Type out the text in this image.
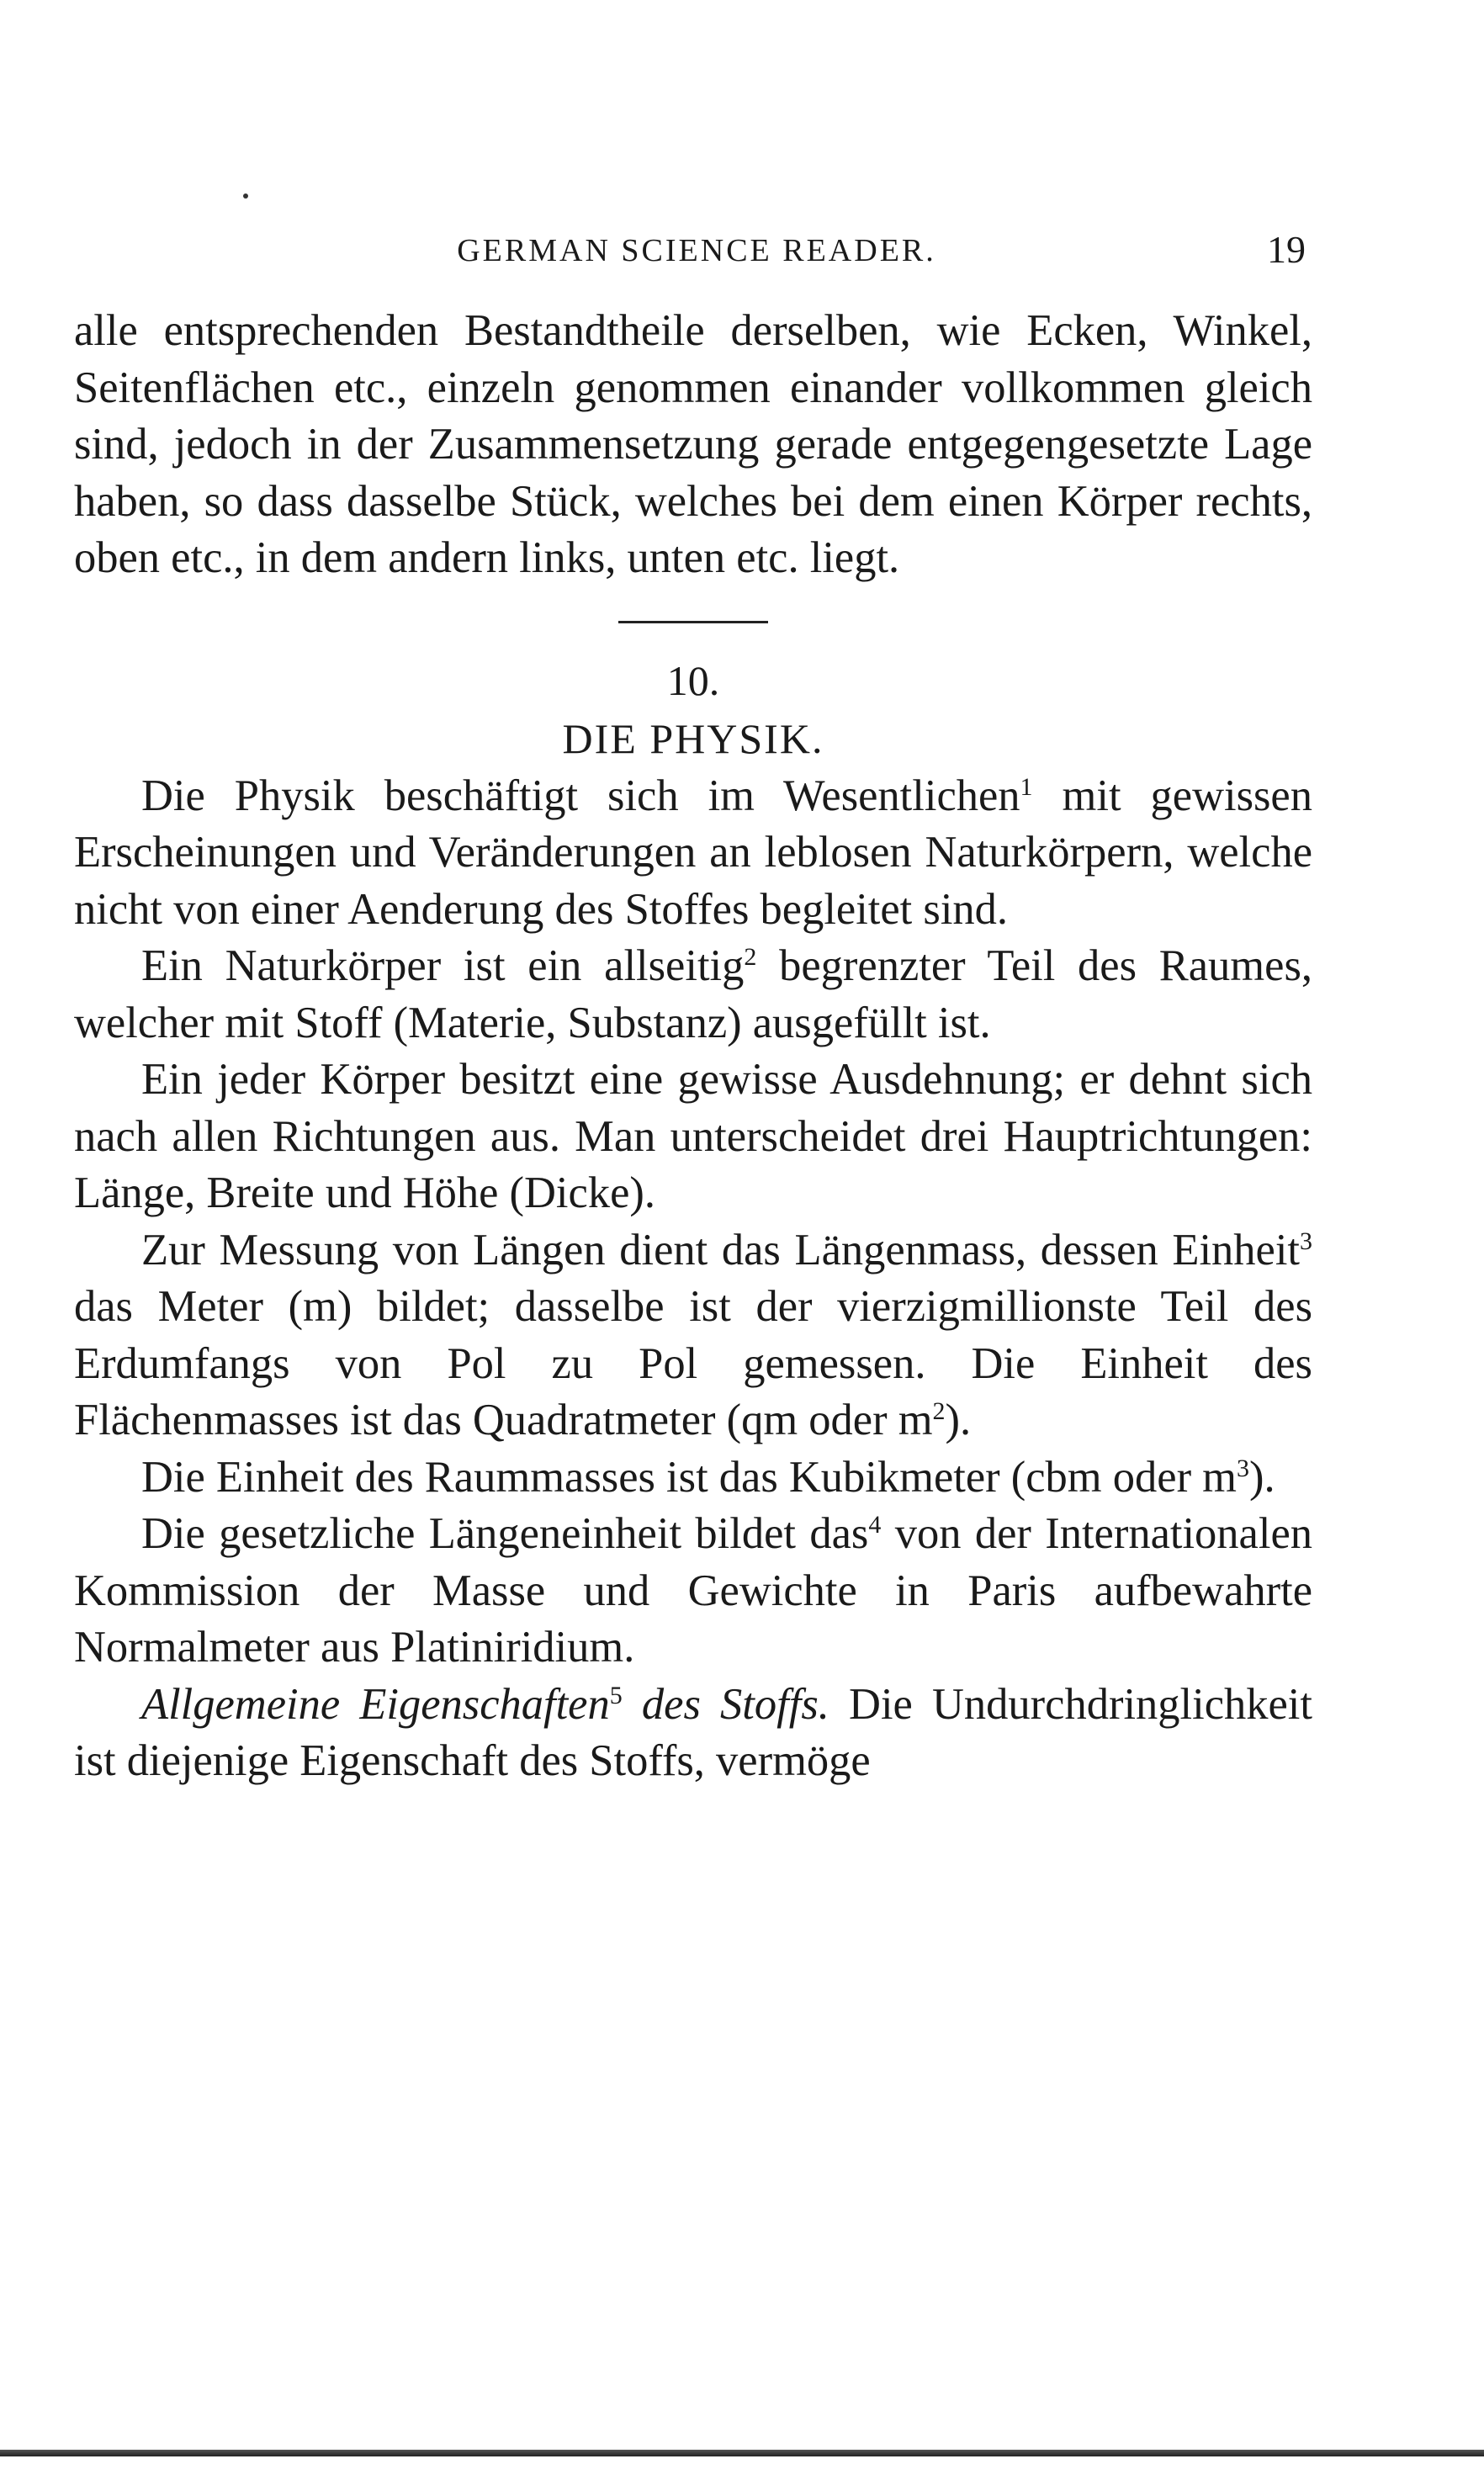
GERMAN SCIENCE READER.	19

alle entsprechenden Bestandtheile derselben, wie Ecken, Winkel, Seitenflächen etc., einzeln genommen einander vollkommen gleich sind, jedoch in der Zusammensetzung gerade entgegengesetzte Lage haben, so dass dasselbe Stück, welches bei dem einen Körper rechts, oben etc., in dem andern links, unten etc. liegt.

10.

DIE PHYSIK.

Die Physik beschäftigt sich im Wesentlichen$^1$ mit gewissen Erscheinungen und Veränderungen an leblosen Naturkörpern, welche nicht von einer Aenderung des Stoffes begleitet sind.

Ein Naturkörper ist ein allseitig$^2$ begrenzter Teil des Raumes, welcher mit Stoff (Materie, Substanz) ausgefüllt ist.

Ein jeder Körper besitzt eine gewisse Ausdehnung; er dehnt sich nach allen Richtungen aus. Man unterscheidet drei Hauptrichtungen: Länge, Breite und Höhe (Dicke).

Zur Messung von Längen dient das Längenmass, dessen Einheit$^3$ das Meter (m) bildet; dasselbe ist der vierzigmillionste Teil des Erdumfangs von Pol zu Pol gemessen. Die Einheit des Flächenmasses ist das Quadratmeter (qm oder m$^2$).

Die Einheit des Raummasses ist das Kubikmeter (cbm oder m$^3$).

Die gesetzliche Längeneinheit bildet das$^4$ von der Internationalen Kommission der Masse und Gewichte in Paris aufbewahrte Normalmeter aus Platiniridium.

Allgemeine Eigenschaften$^5$ des Stoffs. Die Undurchdringlichkeit ist diejenige Eigenschaft des Stoffs, vermöge
